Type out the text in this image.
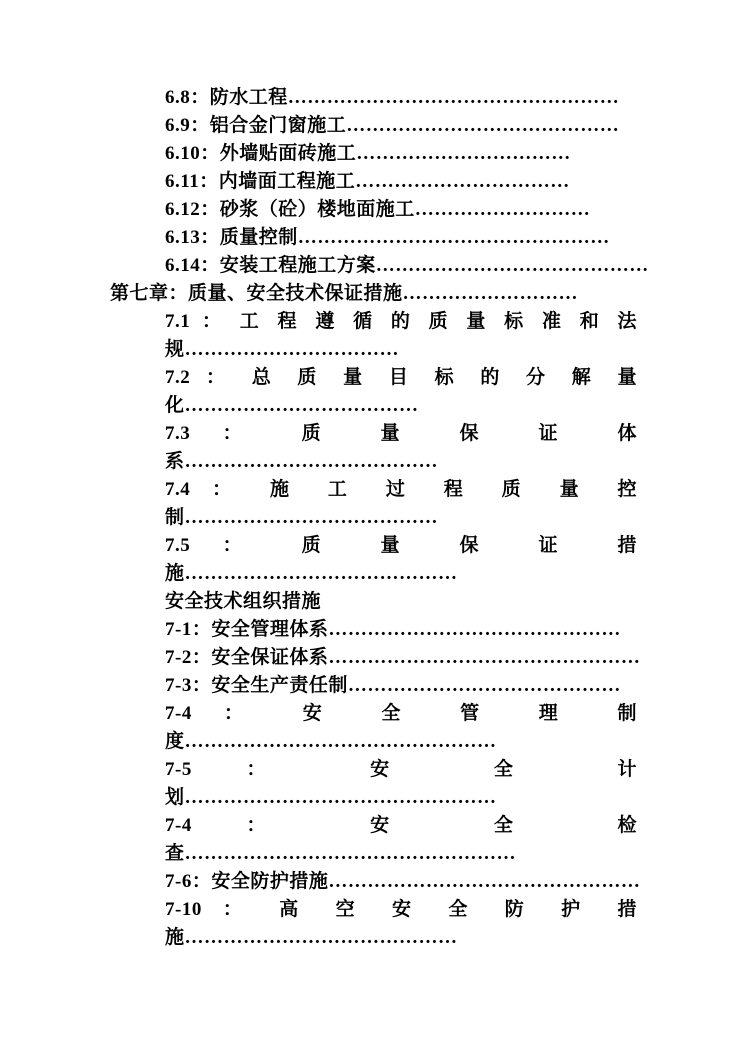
6.8：防水工程……………………………………………
6.9：铝合金门窗施工……………………………………
6.10：外墙贴面砖施工……………………………
6.11：内墙面工程施工……………………………
6.12：砂浆（砼）楼地面施工………………………
6.13：质量控制…………………………………………
6.14：安装工程施工方案……………………………………
第七章：质量、安全技术保证措施………………………
7.1 ： 工 程 遵 循 的 质 量 标 准 和 法
规……………………………
7.2 ： 总 质 量 目 标 的 分 解 量
化………………………………
7.3 ： 质 量 保 证 体
系…………………………………
7.4 ： 施 工 过 程 质 量 控
制…………………………………
7.5 ： 质 量 保 证 措
施……………………………………
安全技术组织措施
7-1：安全管理体系………………………………………
7-2：安全保证体系…………………………………………
7-3：安全生产责任制……………………………………
7-4 ： 安 全 管 理 制
度…………………………………………
7-5 ： 安 全 计
划…………………………………………
7-4 ： 安 全 检
查……………………………………………
7-6：安全防护措施…………………………………………
7-10 ： 高 空 安 全 防 护 措
施……………………………………
